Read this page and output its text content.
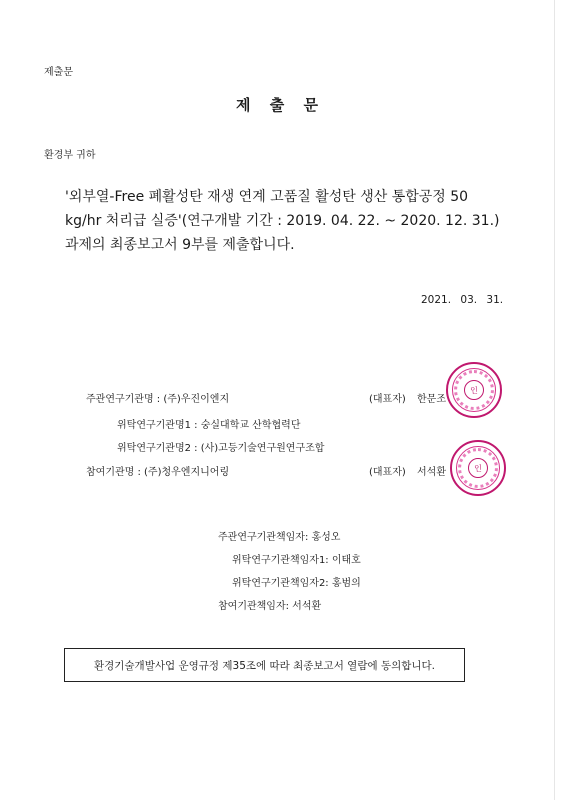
제출문
제 출 문
환경부 귀하
'외부열-Free 폐활성탄 재생 연계 고품질 활성탄 생산 통합공정 50
kg/hr 처리급 실증'(연구개발 기간 : 2019. 04. 22. ~ 2020. 12. 31.)
과제의 최종보고서 9부를 제출합니다.
2021. 03. 31.
주관연구기관명 : (주)우진이엔지	(대표자) 한문조
인
위탁연구기관명1 : 숭실대학교 산학협력단
위탁연구기관명2 : (사)고등기술연구원연구조합
참여기관명 : (주)청우엔지니어링	(대표자) 서석환	인
주관연구기관책임자: 홍성오
위탁연구기관책임자1: 이태호
위탁연구기관책임자2: 홍범의
참여기관책임자: 서석환
환경기술개발사업 운영규정 제35조에 따라 최종보고서 열람에 동의합니다.
